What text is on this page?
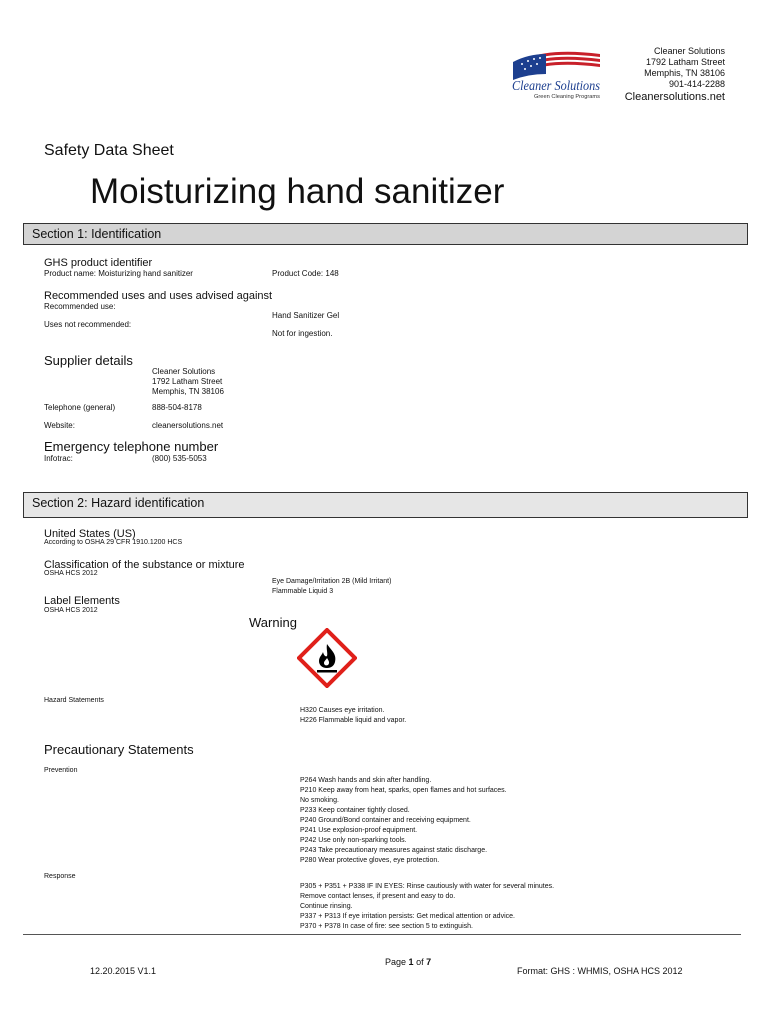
Cleaner Solutions
Green Cleaning Programs
Cleaner Solutions
1792 Latham Street
Memphis, TN 38106
901-414-2288
Cleanersolutions.net
Safety Data Sheet
Moisturizing hand sanitizer
Section 1: Identification
GHS product identifier
Product name: Moisturizing hand sanitizer	Product Code: 148
Recommended uses and uses advised against
Recommended use:
Hand Sanitizer Gel
Uses not recommended:
Not for ingestion.
Supplier details
Cleaner Solutions
1792 Latham Street
Memphis, TN 38106
Telephone (general)	888-504-8178
Website:	cleanersolutions.net
Emergency telephone number
Infotrac:	(800) 535-5053
Section 2: Hazard identification
United States (US)
According to OSHA 29 CFR 1910.1200 HCS
Classification of the substance or mixture
OSHA HCS 2012
Eye Damage/Irritation 2B (Mild Irritant)
Flammable Liquid 3
Label Elements
OSHA HCS 2012
Warning
Hazard Statements
H320 Causes eye irritation.
H226 Flammable liquid and vapor.
Precautionary Statements
Prevention
P264 Wash hands and skin after handling.
P210 Keep away from heat, sparks, open flames and hot surfaces.
No smoking.
P233 Keep container tightly closed.
P240 Ground/Bond container and receiving equipment.
P241 Use explosion-proof equipment.
P242 Use only non-sparking tools.
P243 Take precautionary measures against static discharge.
P280 Wear protective gloves, eye protection.
Response
P305 + P351 + P338 IF IN EYES: Rinse cautiously with water for several minutes.
Remove contact lenses, if present and easy to do.
Continue rinsing.
P337 + P313 If eye irritation persists: Get medical attention or advice.
P370 + P378 In case of fire: see section 5 to extinguish.
Page 1 of 7
12.20.2015 V1.1	Format: GHS : WHMIS, OSHA HCS 2012
